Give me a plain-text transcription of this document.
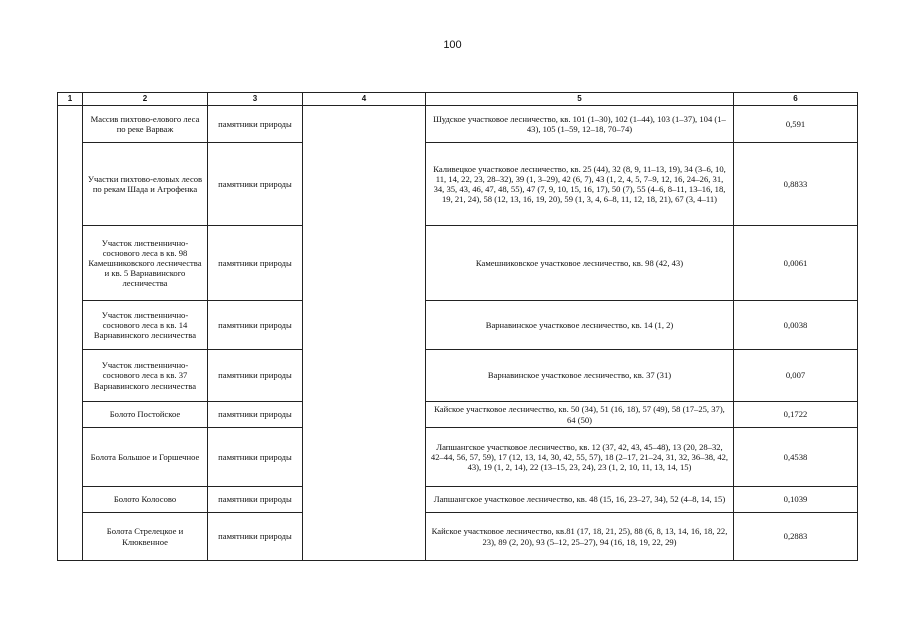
100
1	2	3	4	5	6
	Массив пихтово-елового леса по реке Варваж	памятники природы		Шудское участковое лесничество, кв. 101 (1–30), 102 (1–44), 103 (1–37), 104 (1–43), 105 (1–59, 12–18, 70–74)	0,591
	Участки пихтово-еловых лесов по рекам Шада и Агрофенка	памятники природы		Каливецкое участковое лесничество, кв. 25 (44), 32 (8, 9, 11–13, 19), 34 (3–6, 10, 11, 14, 22, 23, 28–32), 39 (1, 3–29), 42 (6, 7), 43 (1, 2, 4, 5, 7–9, 12, 16, 24–26, 31, 34, 35, 43, 46, 47, 48, 55), 47 (7, 9, 10, 15, 16, 17), 50 (7), 55 (4–6, 8–11, 13–16, 18, 19, 21, 24), 58 (12, 13, 16, 19, 20), 59 (1, 3, 4, 6–8, 11, 12, 18, 21), 67 (3, 4–11)	0,8833
	Участок лиственнично-соснового леса в кв. 98 Камешниковского лесничества и кв. 5 Варнавинского лесничества	памятники природы		Камешниковское участковое лесничество, кв. 98 (42, 43)	0,0061
	Участок лиственнично-соснового леса в кв. 14 Варнавинского лесничества	памятники природы		Варнавинское участковое лесничество, кв. 14 (1, 2)	0,0038
	Участок лиственнично-соснового леса в кв. 37 Варнавинского лесничества	памятники природы		Варнавинское участковое лесничество, кв. 37 (31)	0,007
	Болото Постойское	памятники природы		Кайское участковое лесничество, кв. 50 (34), 51 (16, 18), 57 (49), 58 (17–25, 37), 64 (50)	0,1722
	Болота Большое и Горшечное	памятники природы		Лапшангское участковое лесничество, кв. 12 (37, 42, 43, 45–48), 13 (20, 28–32, 42–44, 56, 57, 59), 17 (12, 13, 14, 30, 42, 55, 57), 18 (2–17, 21–24, 31, 32, 36–38, 42, 43), 19 (1, 2, 14), 22 (13–15, 23, 24), 23 (1, 2, 10, 11, 13, 14, 15)	0,4538
	Болото Колосово	памятники природы		Лапшангское участковое лесничество, кв. 48 (15, 16, 23–27, 34), 52 (4–8, 14, 15)	0,1039
	Болота Стрелецкое и Клюквенное	памятники природы		Кайское участковое лесничество, кв.81 (17, 18, 21, 25), 88 (6, 8, 13, 14, 16, 18, 22, 23), 89 (2, 20), 93 (5–12, 25–27), 94 (16, 18, 19, 22, 29)	0,2883
